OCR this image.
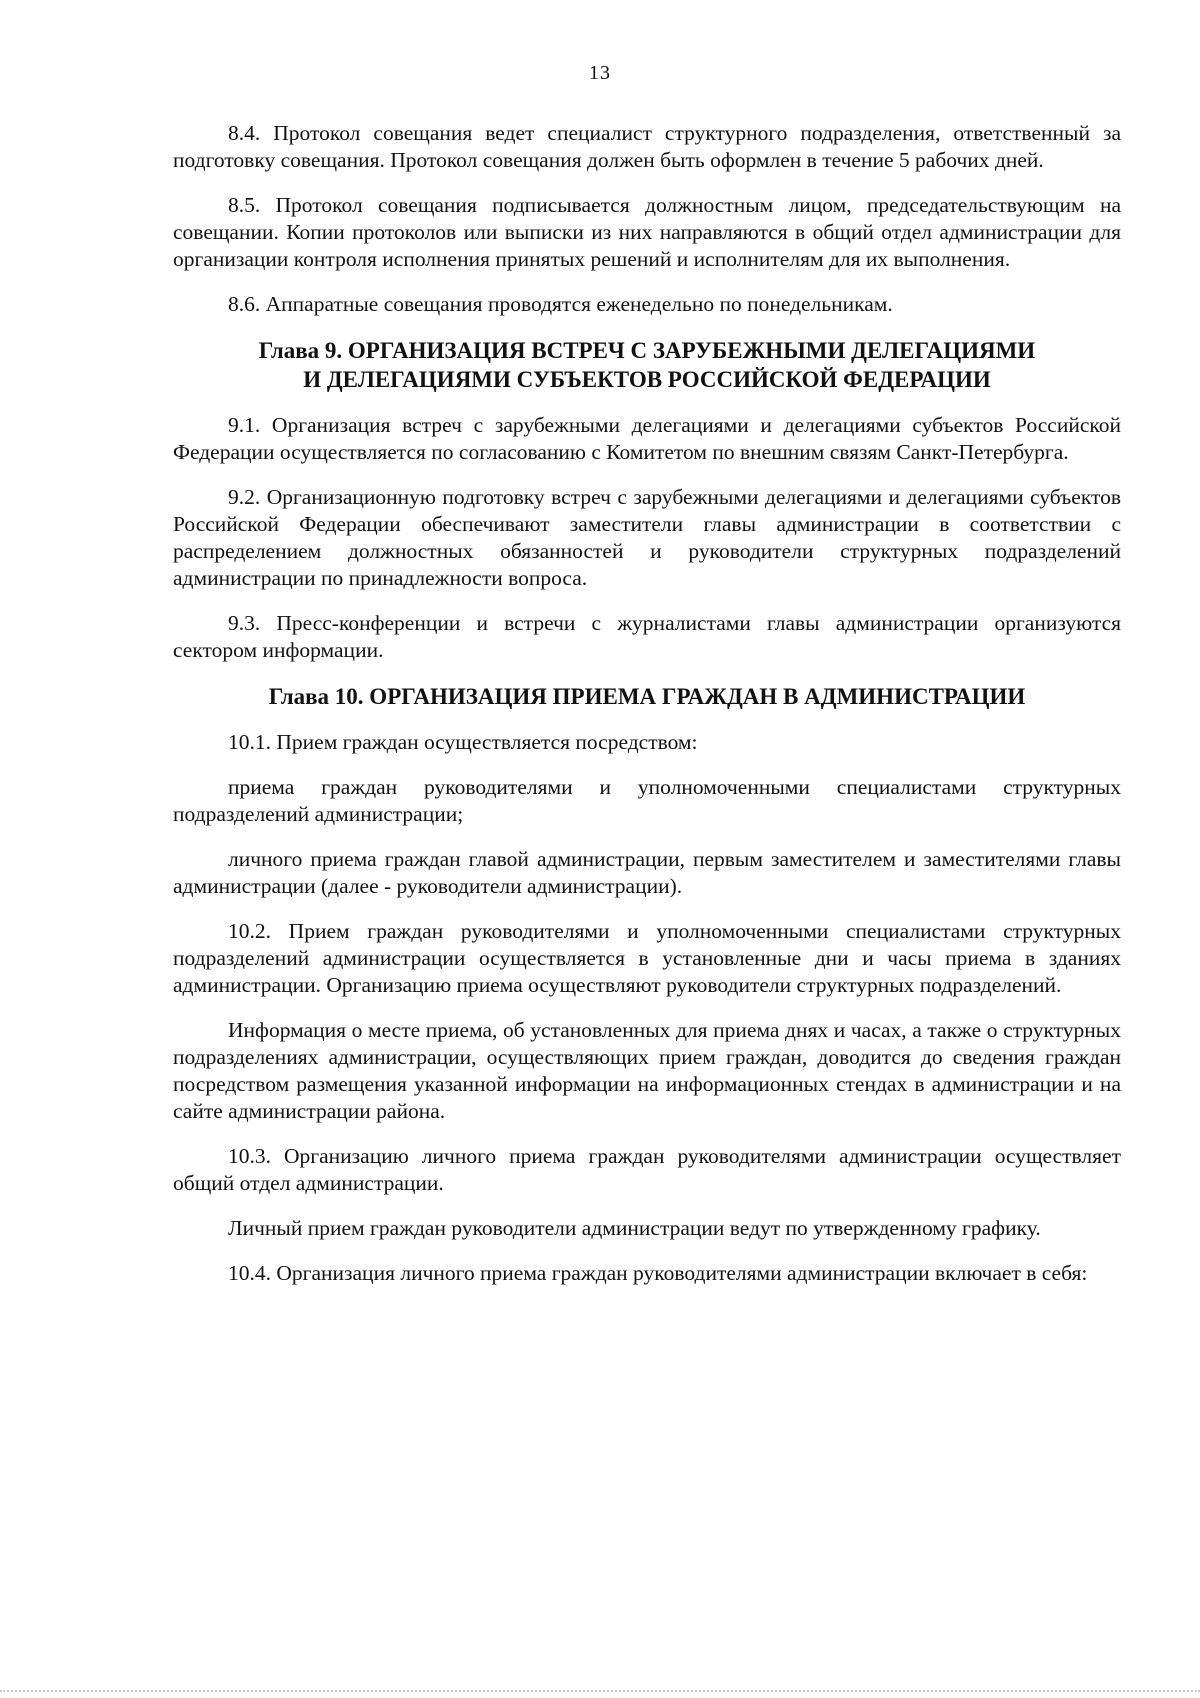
13

8.4. Протокол совещания ведет специалист структурного подразделения, ответственный за подготовку совещания. Протокол совещания должен быть оформлен в течение 5 рабочих дней.

8.5. Протокол совещания подписывается должностным лицом, председательствующим на совещании. Копии протоколов или выписки из них направляются в общий отдел администрации для организации контроля исполнения принятых решений и исполнителям для их выполнения.

8.6. Аппаратные совещания проводятся еженедельно по понедельникам.

Глава 9. ОРГАНИЗАЦИЯ ВСТРЕЧ С ЗАРУБЕЖНЫМИ ДЕЛЕГАЦИЯМИ
И ДЕЛЕГАЦИЯМИ СУБЪЕКТОВ РОССИЙСКОЙ ФЕДЕРАЦИИ

9.1. Организация встреч с зарубежными делегациями и делегациями субъектов Российской Федерации осуществляется по согласованию с Комитетом по внешним связям Санкт-Петербурга.

9.2. Организационную подготовку встреч с зарубежными делегациями и делегациями субъектов Российской Федерации обеспечивают заместители главы администрации в соответствии с распределением должностных обязанностей и руководители структурных подразделений администрации по принадлежности вопроса.

9.3. Пресс-конференции и встречи с журналистами главы администрации организуются сектором информации.

Глава 10. ОРГАНИЗАЦИЯ ПРИЕМА ГРАЖДАН В АДМИНИСТРАЦИИ

10.1. Прием граждан осуществляется посредством:

приема граждан руководителями и уполномоченными специалистами структурных подразделений администрации;

личного приема граждан главой администрации, первым заместителем и заместителями главы администрации (далее - руководители администрации).

10.2. Прием граждан руководителями и уполномоченными специалистами структурных подразделений администрации осуществляется в установленные дни и часы приема в зданиях администрации. Организацию приема осуществляют руководители структурных подразделений.

Информация о месте приема, об установленных для приема днях и часах, а также о структурных подразделениях администрации, осуществляющих прием граждан, доводится до сведения граждан посредством размещения указанной информации на информационных стендах в администрации и на сайте администрации района.

10.3. Организацию личного приема граждан руководителями администрации осуществляет общий отдел администрации.

Личный прием граждан руководители администрации ведут по утвержденному графику.

10.4. Организация личного приема граждан руководителями администрации включает в себя:
